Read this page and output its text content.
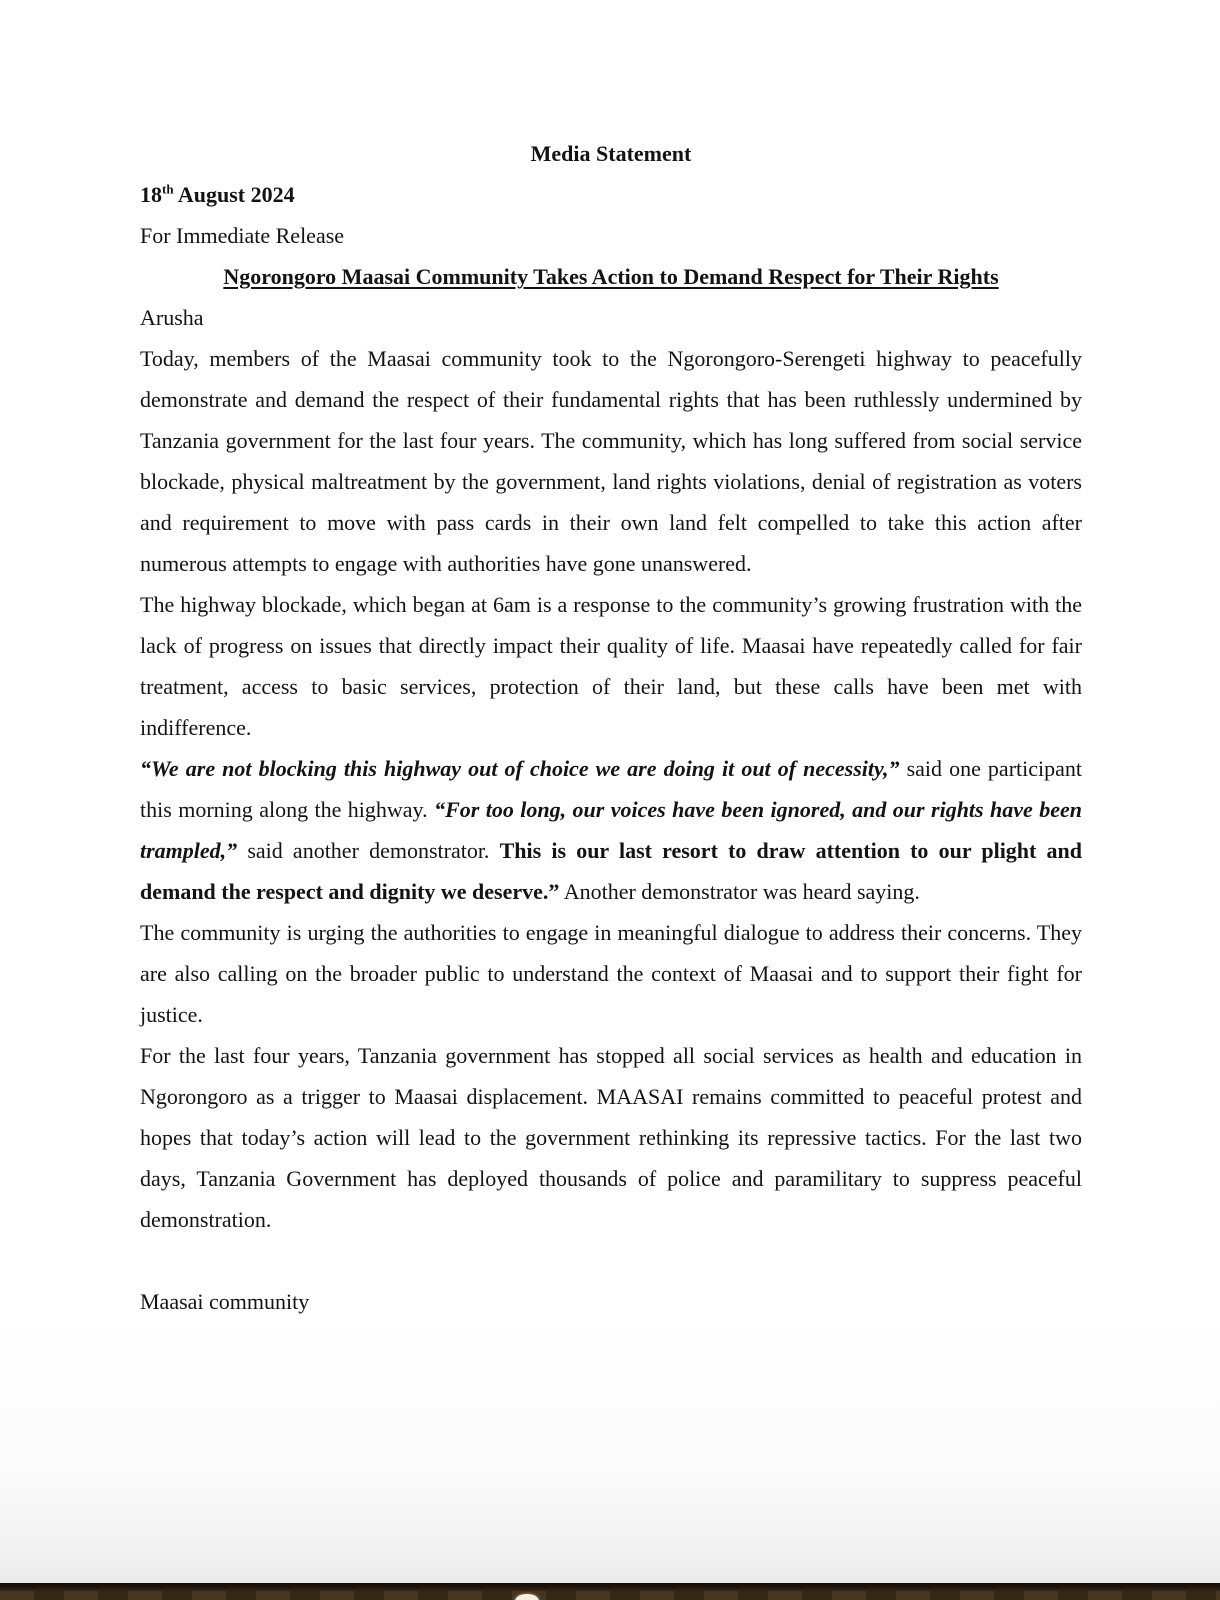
Media Statement

18th August 2024

For Immediate Release

Ngorongoro Maasai Community Takes Action to Demand Respect for Their Rights

Arusha

Today, members of the Maasai community took to the Ngorongoro-Serengeti highway to peacefully demonstrate and demand the respect of their fundamental rights that has been ruthlessly undermined by Tanzania government for the last four years. The community, which has long suffered from social service blockade, physical maltreatment by the government, land rights violations, denial of registration as voters and requirement to move with pass cards in their own land felt compelled to take this action after numerous attempts to engage with authorities have gone unanswered.

The highway blockade, which began at 6am is a response to the community’s growing frustration with the lack of progress on issues that directly impact their quality of life. Maasai have repeatedly called for fair treatment, access to basic services, protection of their land, but these calls have been met with indifference.

“We are not blocking this highway out of choice we are doing it out of necessity,” said one participant this morning along the highway. “For too long, our voices have been ignored, and our rights have been trampled,” said another demonstrator. This is our last resort to draw attention to our plight and demand the respect and dignity we deserve.” Another demonstrator was heard saying.

The community is urging the authorities to engage in meaningful dialogue to address their concerns. They are also calling on the broader public to understand the context of Maasai and to support their fight for justice.

For the last four years, Tanzania government has stopped all social services as health and education in Ngorongoro as a trigger to Maasai displacement. MAASAI remains committed to peaceful protest and hopes that today’s action will lead to the government rethinking its repressive tactics. For the last two days, Tanzania Government has deployed thousands of police and paramilitary to suppress peaceful demonstration.

Maasai community
